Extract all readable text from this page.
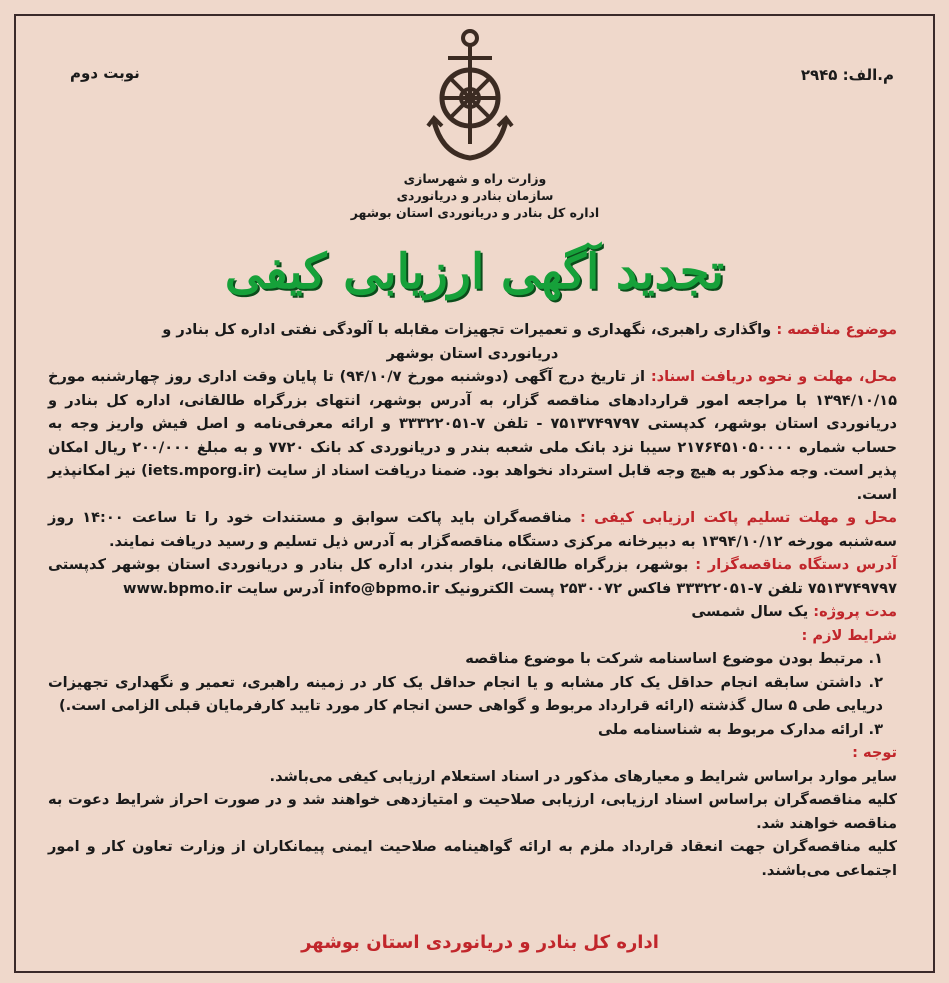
نوبت دوم	م.الف: ۲۹۴۵
وزارت راه و شهرسازی
سازمان بنادر و دریانوردی
اداره کل بنادر و دریانوردی استان بوشهر
تجدید آگهی ارزیابی کیفی

موضوع مناقصه : واگذاری راهبری، نگهداری و تعمیرات تجهیزات مقابله با آلودگی نفتی اداره کل بنادر و

دریانوردی استان بوشهر

محل، مهلت و نحوه دریافت اسناد: از تاریخ درج آگهی (دوشنبه مورخ ۹۴/۱۰/۷) تا پایان وقت اداری روز چهارشنبه مورخ ۱۳۹۴/۱۰/۱۵ با مراجعه امور قراردادهای مناقصه گزار، به آدرس بوشهر، انتهای بزرگراه طالقانی، اداره کل بنادر و دریانوردی استان بوشهر، کدپستی ۷۵۱۳۷۴۹۷۹۷ - تلفن ۷-۳۳۳۲۲۰۵۱ و ارائه معرفی‌نامه و اصل فیش واریز وجه به حساب شماره ۲۱۷۶۴۵۱۰۵۰۰۰۰ سیبا نزد بانک ملی شعبه بندر و دریانوردی کد بانک ۷۷۲۰ و به مبلغ ۲۰۰/۰۰۰ ریال امکان پذیر است. وجه مذکور به هیچ وجه قابل استرداد نخواهد بود. ضمنا دریافت اسناد از سایت (iets.mporg.ir) نیز امکانپذیر است.

محل و مهلت تسلیم پاکت ارزیابی کیفی : مناقصه‌گران باید پاکت سوابق و مستندات خود را تا ساعت ۱۴:۰۰ روز سه‌شنبه مورخه ۱۳۹۴/۱۰/۱۲ به دبیرخانه مرکزی دستگاه مناقصه‌گزار به آدرس ذیل تسلیم و رسید دریافت نمایند.

آدرس دستگاه مناقصه‌گزار : بوشهر، بزرگراه طالقانی، بلوار بندر، اداره کل بنادر و دریانوردی استان بوشهر کدپستی ۷۵۱۳۷۴۹۷۹۷ تلفن ۷-۳۳۳۲۲۰۵۱ فاکس ۲۵۳۰۰۷۲ پست الکترونیک info@bpmo.ir آدرس سایت www.bpmo.ir

مدت پروژه: یک سال شمسی

شرایط لازم :

۱. مرتبط بودن موضوع اساسنامه شرکت با موضوع مناقصه

۲. داشتن سابقه انجام حداقل یک کار مشابه و یا انجام حداقل یک کار در زمینه راهبری، تعمیر و نگهداری تجهیزات دریایی طی ۵ سال گذشته (ارائه قرارداد مربوط و گواهی حسن انجام کار مورد تایید کارفرمایان قبلی الزامی است.)

۳. ارائه مدارک مربوط به شناسنامه ملی

توجه :

سایر موارد براساس شرایط و معیارهای مذکور در اسناد استعلام ارزیابی کیفی می‌باشد.

کلیه مناقصه‌گران براساس اسناد ارزیابی، ارزیابی صلاحیت و امتیازدهی خواهند شد و در صورت احراز شرایط دعوت به مناقصه خواهند شد.

کلیه مناقصه‌گران جهت انعقاد قرارداد ملزم به ارائه گواهینامه صلاحیت ایمنی پیمانکاران از وزارت تعاون کار و امور اجتماعی می‌باشند.

اداره کل بنادر و دریانوردی استان بوشهر
